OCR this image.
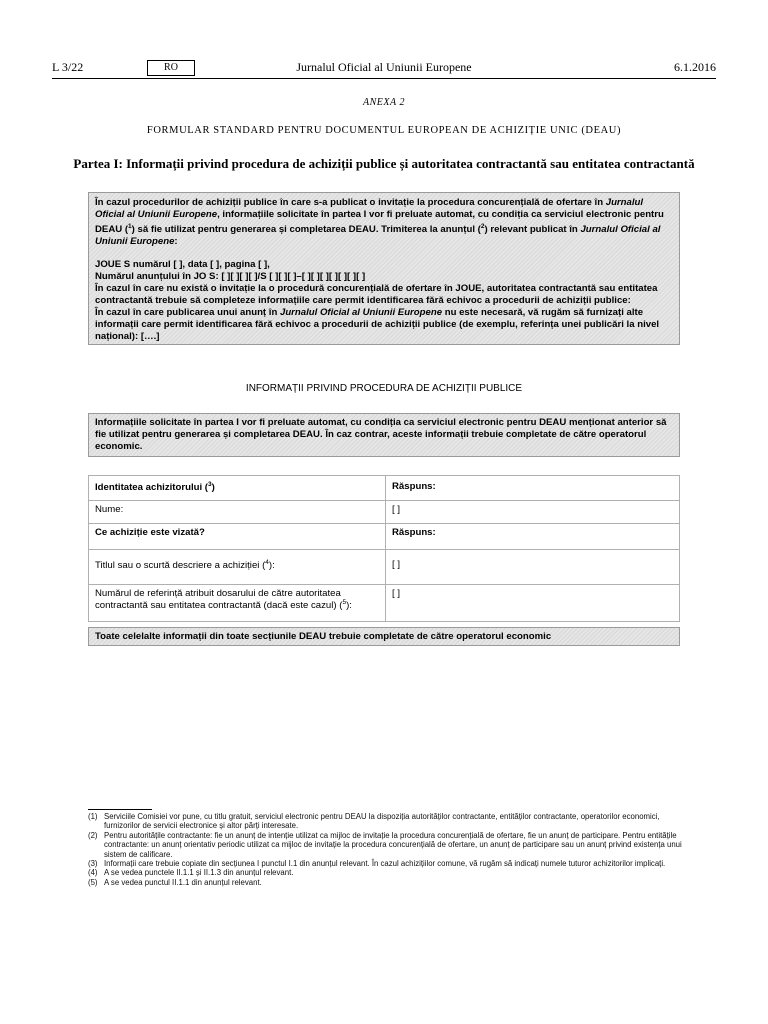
L 3/22	RO	Jurnalul Oficial al Uniunii Europene	6.1.2016
ANEXA 2
FORMULAR STANDARD PENTRU DOCUMENTUL EUROPEAN DE ACHIZIȚIE UNIC (DEAU)
Partea I: Informații privind procedura de achiziții publice și autoritatea contractantă sau entitatea contractantă

În cazul procedurilor de achiziții publice în care s-a publicat o invitație la procedura concurențială de ofertare în Jurnalul Oficial al Uniunii Europene, informațiile solicitate în partea I vor fi preluate automat, cu condiția ca serviciul electronic pentru DEAU ($^1$) să fie utilizat pentru generarea și completarea DEAU. Trimiterea la anunțul ($^2$) relevant publicat în Jurnalul Oficial al Uniunii Europene:

JOUE S numărul [ ], data [ ], pagina [ ],

Numărul anunțului în JO S: [ ][ ][ ][ ]/S [ ][ ][ ]–[ ][ ][ ][ ][ ][ ][ ]

În cazul în care nu există o invitație la o procedură concurențială de ofertare în JOUE, autoritatea contractantă sau entitatea contractantă trebuie să completeze informațiile care permit identificarea fără echivoc a procedurii de achiziții publice:

În cazul în care publicarea unui anunț în Jurnalul Oficial al Uniunii Europene nu este necesară, vă rugăm să furnizați alte informații care permit identificarea fără echivoc a procedurii de achiziții publice (de exemplu, referința unei publicări la nivel național): [….]

INFORMAȚII PRIVIND PROCEDURA DE ACHIZIȚII PUBLICE

Informațiile solicitate în partea I vor fi preluate automat, cu condiția ca serviciul electronic pentru DEAU menționat anterior să fie utilizat pentru generarea și completarea DEAU. În caz contrar, aceste informații trebuie completate de către operatorul economic.

Identitatea achizitorului ($^3$)	Răspuns:
Nume:	[ ]
Ce achiziție este vizată?	Răspuns:
Titlul sau o scurtă descriere a achiziției ($^4$):	[ ]
Numărul de referință atribuit dosarului de către autoritatea contractantă sau entitatea contractantă (dacă este cazul) ($^5$):	[ ]

Toate celelalte informații din toate secțiunile DEAU trebuie completate de către operatorul economic

(1) Serviciile Comisiei vor pune, cu titlu gratuit, serviciul electronic pentru DEAU la dispoziția autorităților contractante, entităților contractante, operatorilor economici, furnizorilor de servicii electronice și altor părți interesate.
(2) Pentru autoritățile contractante: fie un anunț de intenție utilizat ca mijloc de invitație la procedura concurențială de ofertare, fie un anunț de participare. Pentru entitățile contractante: un anunț orientativ periodic utilizat ca mijloc de invitație la procedura concurențială de ofertare, un anunț de participare sau un anunț privind existența unui sistem de calificare.
(3) Informații care trebuie copiate din secțiunea I punctul I.1 din anunțul relevant. În cazul achizițiilor comune, vă rugăm să indicați numele tuturor achizitorilor implicați.
(4) A se vedea punctele II.1.1 și II.1.3 din anunțul relevant.
(5) A se vedea punctul II.1.1 din anunțul relevant.
